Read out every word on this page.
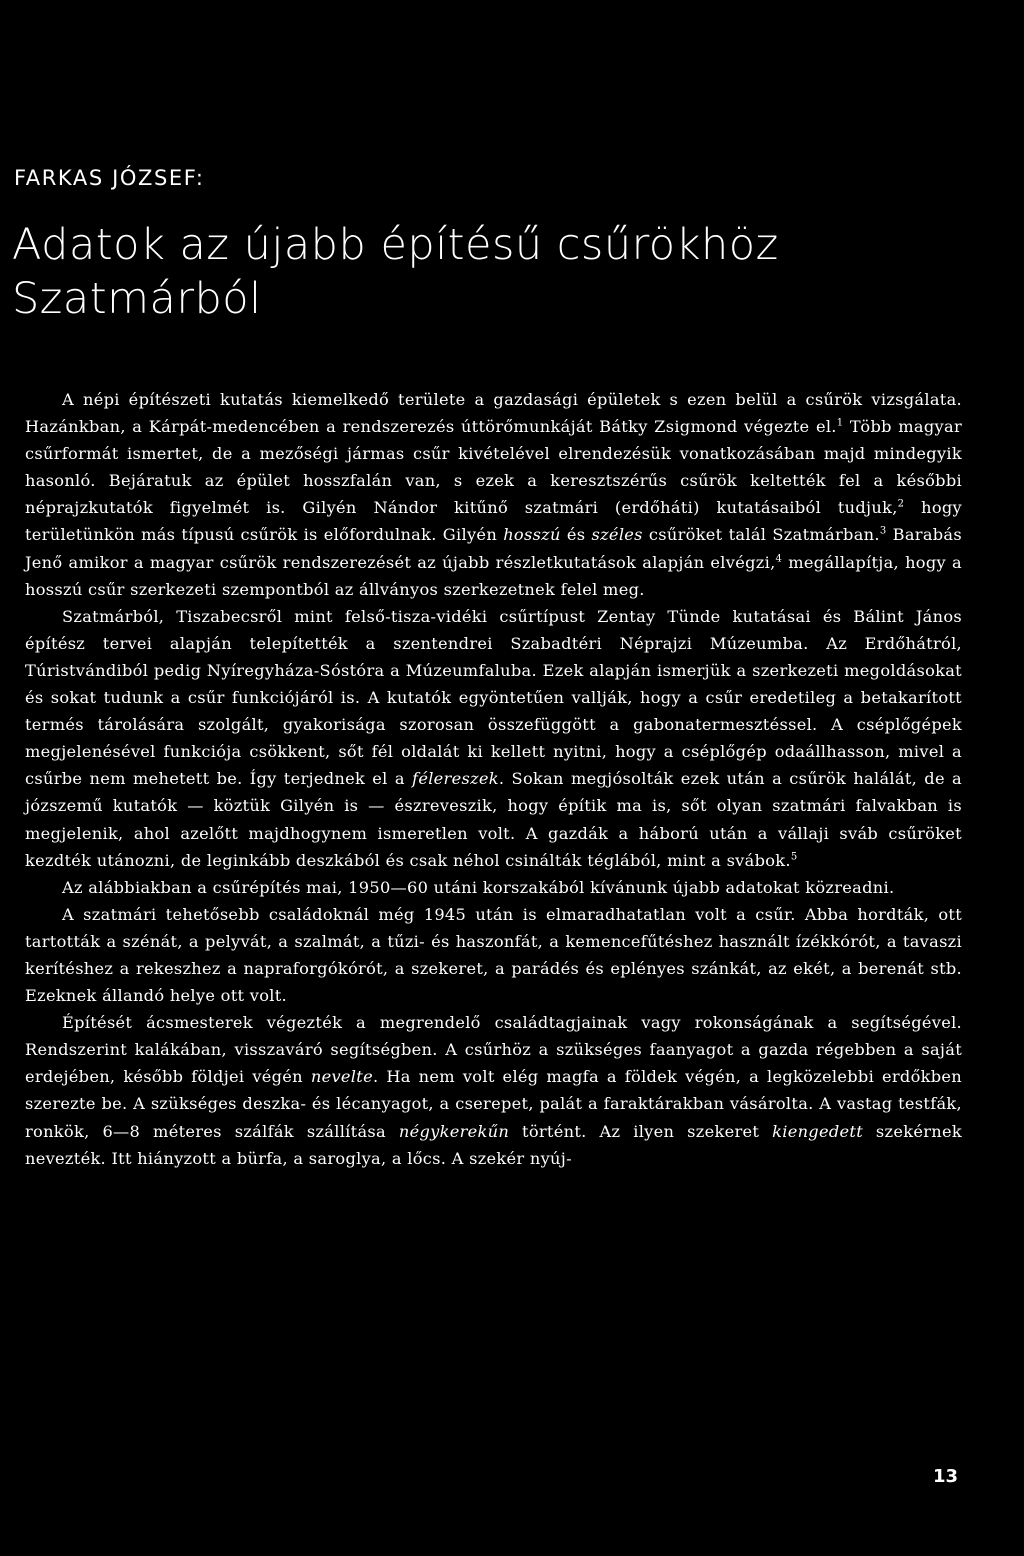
FARKAS JÓZSEF:
Adatok az újabb építésű csűrökhöz
Szatmárból

A népi építészeti kutatás kiemelkedő területe a gazdasági épületek s ezen belül a csűrök vizsgálata. Hazánkban, a Kárpát-medencében a rendszerezés úttörőmunkáját Bátky Zsigmond végezte el.$^1$ Több magyar csűrformát ismertet, de a mezőségi jármas csűr kivételével elrendezésük vonatkozásában majd mindegyik hasonló. Bejáratuk az épület hosszfalán van, s ezek a keresztszérűs csűrök keltették fel a későbbi néprajzkutatók figyelmét is. Gilyén Nándor kitűnő szatmári (erdőháti) kutatásaiból tudjuk,$^2$ hogy területünkön más típusú csűrök is előfordulnak. Gilyén hosszú és széles csűröket talál Szatmárban.$^3$ Barabás Jenő amikor a magyar csűrök rendszerezését az újabb részletkutatások alapján elvégzi,$^4$ megállapítja, hogy a hosszú csűr szerkezeti szempontból az állványos szerkezetnek felel meg.

Szatmárból, Tiszabecsről mint felső-tisza-vidéki csűrtípust Zentay Tünde kutatásai és Bálint János építész tervei alapján telepítették a szentendrei Szabadtéri Néprajzi Múzeumba. Az Erdőhátról, Túristvándiból pedig Nyíregyháza-Sóstóra a Múzeumfaluba. Ezek alapján ismerjük a szerkezeti megoldásokat és sokat tudunk a csűr funkciójáról is. A kutatók egyöntetűen vallják, hogy a csűr eredetileg a betakarított termés tárolására szolgált, gyakorisága szorosan összefüggött a gabonatermesztéssel. A cséplőgépek megjelenésével funkciója csökkent, sőt fél oldalát ki kellett nyitni, hogy a cséplőgép odaállhasson, mivel a csűrbe nem mehetett be. Így terjednek el a félereszek. Sokan megjósolták ezek után a csűrök halálát, de a józszemű kutatók — köztük Gilyén is — észreveszik, hogy építik ma is, sőt olyan szatmári falvakban is megjelenik, ahol azelőtt majdhogynem ismeretlen volt. A gazdák a háború után a vállaji sváb csűröket kezdték utánozni, de leginkább deszkából és csak néhol csinálták téglából, mint a svábok.$^5$

Az alábbiakban a csűrépítés mai, 1950—60 utáni korszakából kívánunk újabb adatokat közreadni.

A szatmári tehetősebb családoknál még 1945 után is elmaradhatatlan volt a csűr. Abba hordták, ott tartották a szénát, a pelyvát, a szalmát, a tűzi- és haszonfát, a kemencefűtéshez használt ízékkórót, a tavaszi kerítéshez a rekeszhez a napraforgókórót, a szekeret, a parádés és eplényes szánkát, az ekét, a berenát stb. Ezeknek állandó helye ott volt.

Építését ácsmesterek végezték a megrendelő családtagjainak vagy rokonságának a segítségével. Rendszerint kalákában, visszaváró segítségben. A csűrhöz a szükséges faanyagot a gazda régebben a saját erdejében, később földjei végén nevelte. Ha nem volt elég magfa a földek végén, a legközelebbi erdőkben szerezte be. A szükséges deszka- és lécanyagot, a cserepet, palát a faraktárakban vásárolta. A vastag testfák, ronkök, 6—8 méteres szálfák szállítása négykerekűn történt. Az ilyen szekeret kiengedett szekérnek nevezték. Itt hiányzott a bürfa, a saroglya, a lőcs. A szekér nyúj-

13
